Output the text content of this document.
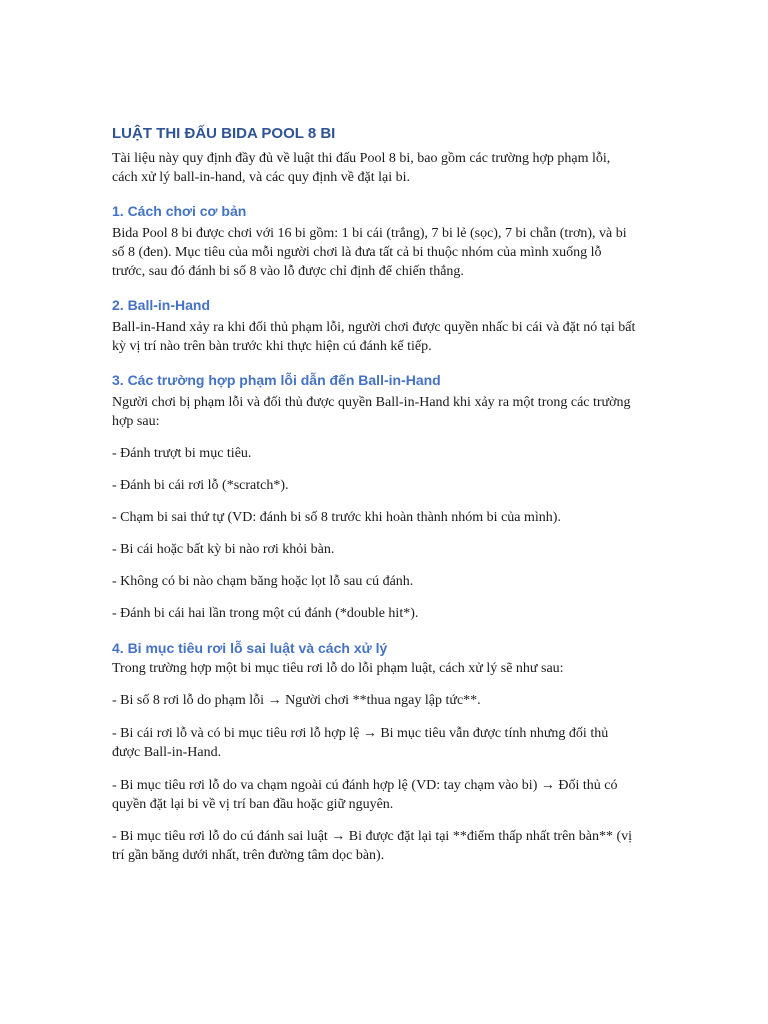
LUẬT THI ĐẤU BIDA POOL 8 BI

Tài liệu này quy định đầy đủ về luật thi đấu Pool 8 bi, bao gồm các trường hợp phạm lỗi,

cách xử lý ball-in-hand, và các quy định về đặt lại bi.

1. Cách chơi cơ bản

Bida Pool 8 bi được chơi với 16 bi gồm: 1 bi cái (trắng), 7 bi lẻ (sọc), 7 bi chẵn (trơn), và bi

số 8 (đen). Mục tiêu của mỗi người chơi là đưa tất cả bi thuộc nhóm của mình xuống lỗ

trước, sau đó đánh bi số 8 vào lỗ được chỉ định để chiến thắng.

2. Ball-in-Hand

Ball-in-Hand xảy ra khi đối thủ phạm lỗi, người chơi được quyền nhấc bi cái và đặt nó tại bất

kỳ vị trí nào trên bàn trước khi thực hiện cú đánh kế tiếp.

3. Các trường hợp phạm lỗi dẫn đến Ball-in-Hand

Người chơi bị phạm lỗi và đối thủ được quyền Ball-in-Hand khi xảy ra một trong các trường

hợp sau:

- Đánh trượt bi mục tiêu.

- Đánh bi cái rơi lỗ (*scratch*).

- Chạm bi sai thứ tự (VD: đánh bi số 8 trước khi hoàn thành nhóm bi của mình).

- Bi cái hoặc bất kỳ bi nào rơi khỏi bàn.

- Không có bi nào chạm băng hoặc lọt lỗ sau cú đánh.

- Đánh bi cái hai lần trong một cú đánh (*double hit*).

4. Bi mục tiêu rơi lỗ sai luật và cách xử lý

Trong trường hợp một bi mục tiêu rơi lỗ do lỗi phạm luật, cách xử lý sẽ như sau:

- Bi số 8 rơi lỗ do phạm lỗi → Người chơi **thua ngay lập tức**.

- Bi cái rơi lỗ và có bi mục tiêu rơi lỗ hợp lệ → Bi mục tiêu vẫn được tính nhưng đối thủ

được Ball-in-Hand.

- Bi mục tiêu rơi lỗ do va chạm ngoài cú đánh hợp lệ (VD: tay chạm vào bi) → Đối thủ có

quyền đặt lại bi về vị trí ban đầu hoặc giữ nguyên.

- Bi mục tiêu rơi lỗ do cú đánh sai luật → Bi được đặt lại tại **điểm thấp nhất trên bàn** (vị

trí gần băng dưới nhất, trên đường tâm dọc bàn).
